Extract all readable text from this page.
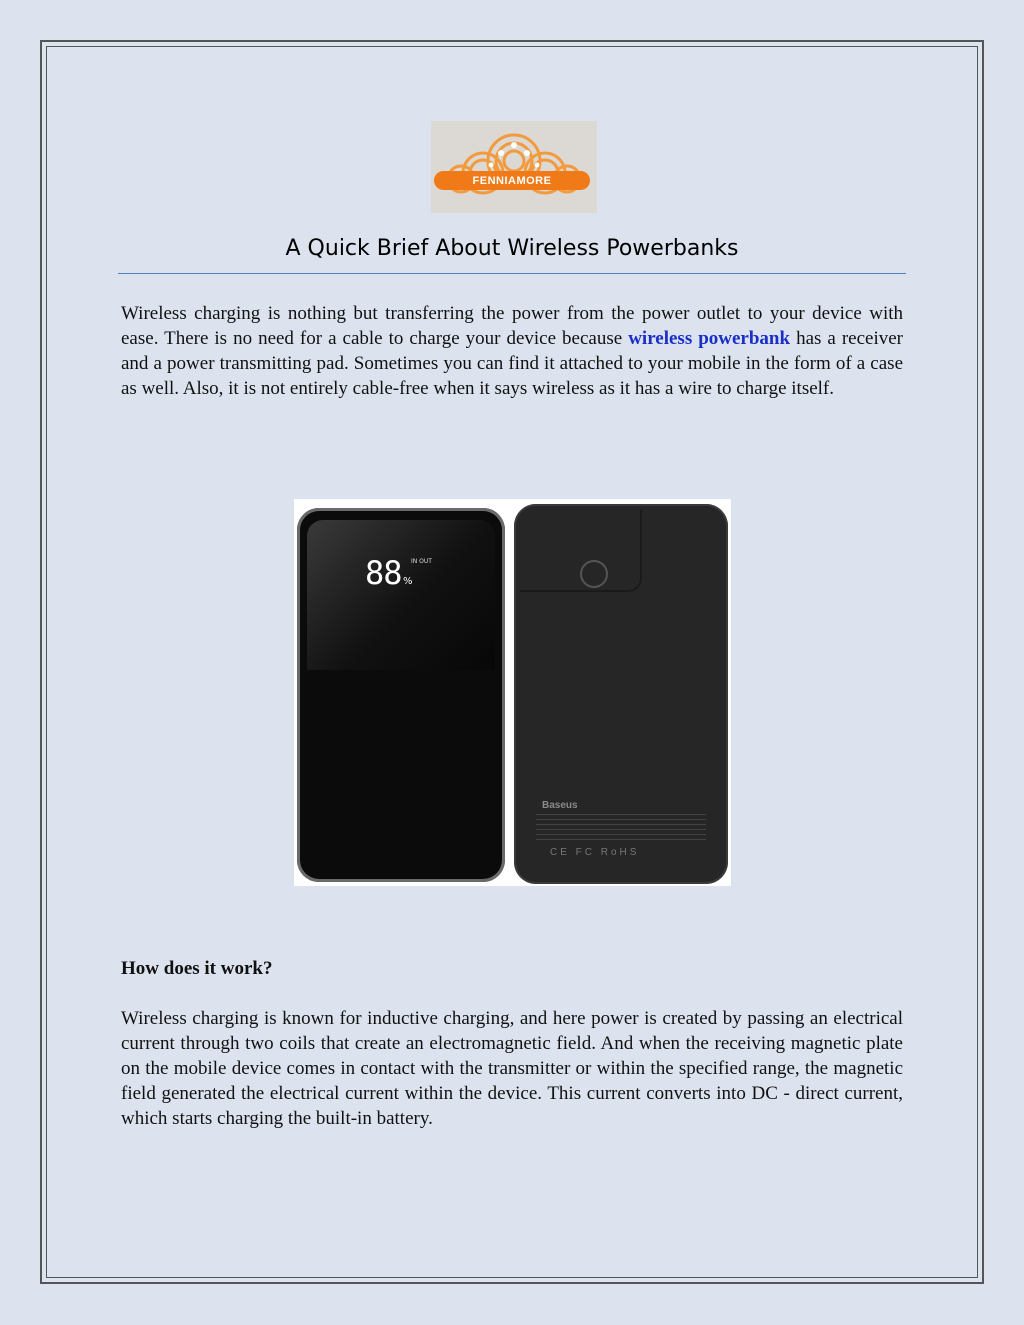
FENNIAMORE
A Quick Brief About Wireless Powerbanks

Wireless charging is nothing but transferring the power from the power outlet to your device with ease. There is no need for a cable to charge your device because wireless powerbank has a receiver and a power transmitting pad. Sometimes you can find it attached to your mobile in the form of a case as well. Also, it is not entirely cable-free when it says wireless as it has a wire to charge itself.

88 %
IN OUT
Baseus
CE FC RoHS
How does it work?

Wireless charging is known for inductive charging, and here power is created by passing an electrical current through two coils that create an electromagnetic field. And when the receiving magnetic plate on the mobile device comes in contact with the transmitter or within the specified range, the magnetic field generated the electrical current within the device. This current converts into DC - direct current, which starts charging the built-in battery.
